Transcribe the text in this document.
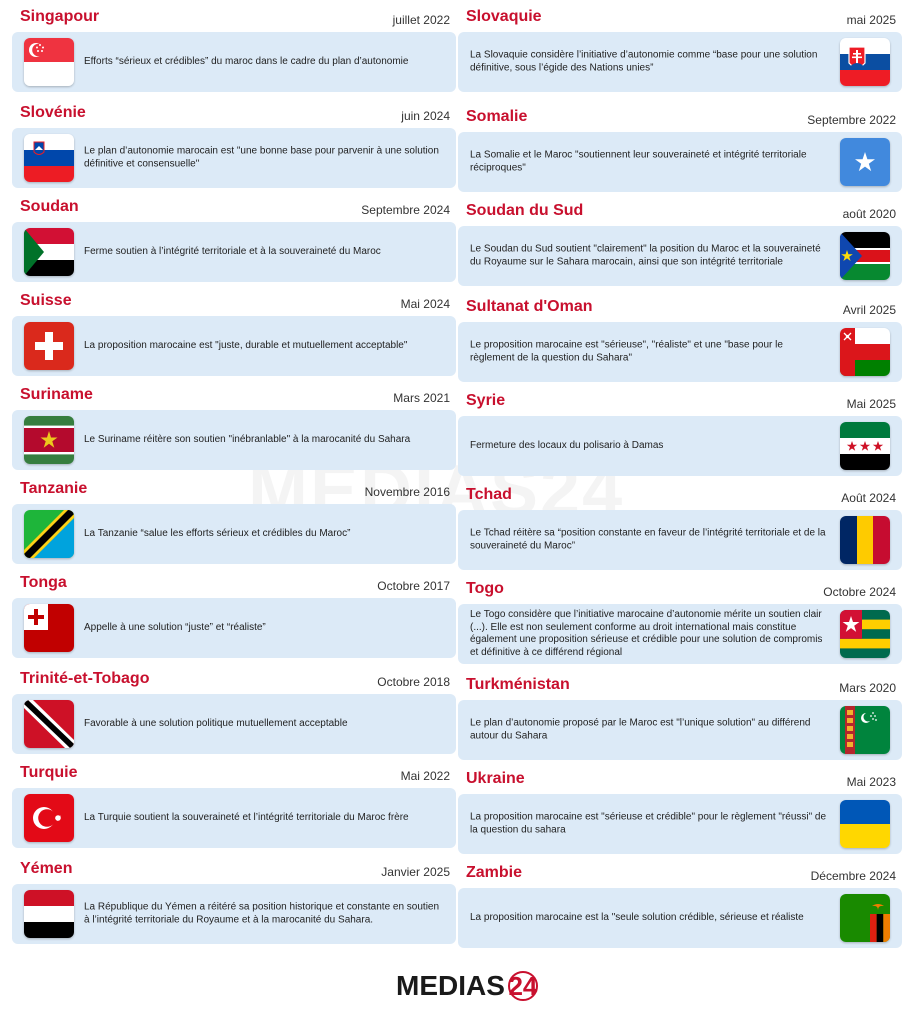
Singapour	juillet 2022
Efforts “sérieux et crédibles” du maroc dans le cadre du plan d’autonomie
Slovénie	juin 2024
Le plan d’autonomie marocain est "une bonne base pour parvenir à une solution définitive et consensuelle"
Soudan	Septembre 2024
Ferme soutien à l’intégrité territoriale et à la souveraineté du Maroc
Suisse	Mai 2024
La proposition marocaine est "juste, durable et mutuellement acceptable"
Suriname	Mars 2021
Le Suriname réitère son soutien "inébranlable" à la marocanité du Sahara
Tanzanie	Novembre 2016
La Tanzanie “salue les efforts sérieux et crédibles du Maroc”
Tonga	Octobre 2017
Appelle à une solution “juste” et “réaliste”
Trinité-et-Tobago	Octobre 2018
Favorable à une solution politique mutuellement acceptable
Turquie	Mai 2022
La Turquie soutient la souveraineté et l’intégrité territoriale du Maroc frère
Yémen	Janvier 2025
La République du Yémen a réitéré sa position historique et constante en soutien à l’intégrité territoriale du Royaume et à la marocanité du Sahara.
Slovaquie	mai 2025
La Slovaquie considère l’initiative d’autonomie comme “base pour une solution définitive, sous l’égide des Nations unies”
Somalie	Septembre 2022
La Somalie et le Maroc "soutiennent leur souveraineté et intégrité territoriale réciproques"
Soudan du Sud	août 2020
Le Soudan du Sud soutient "clairement" la position du Maroc et la souveraineté du Royaume sur le Sahara marocain, ainsi que son intégrité territoriale
Sultanat d'Oman	Avril 2025
Le proposition marocaine est "sérieuse", "réaliste" et une "base pour le règlement de la question du Sahara"
Syrie	Mai 2025
Fermeture des locaux du polisario à Damas
Tchad	Août 2024
Le Tchad réitère sa “position constante en faveur de l’intégrité territoriale et de la souveraineté du Maroc”
Togo	Octobre 2024
Le Togo considère que l’initiative marocaine d’autonomie mérite un soutien clair (...). Elle est non seulement conforme au droit international mais constitue également une proposition sérieuse et crédible pour une solution de compromis et définitive à ce différend régional
Turkménistan	Mars 2020
Le plan d’autonomie proposé par le Maroc est "l’unique solution" au différend autour du Sahara
Ukraine	Mai 2023
La proposition marocaine est "sérieuse et crédible" pour le règlement "réussi" de la question du sahara
Zambie	Décembre 2024
La proposition marocaine est la "seule solution crédible, sérieuse et réaliste
MEDIAS 24
